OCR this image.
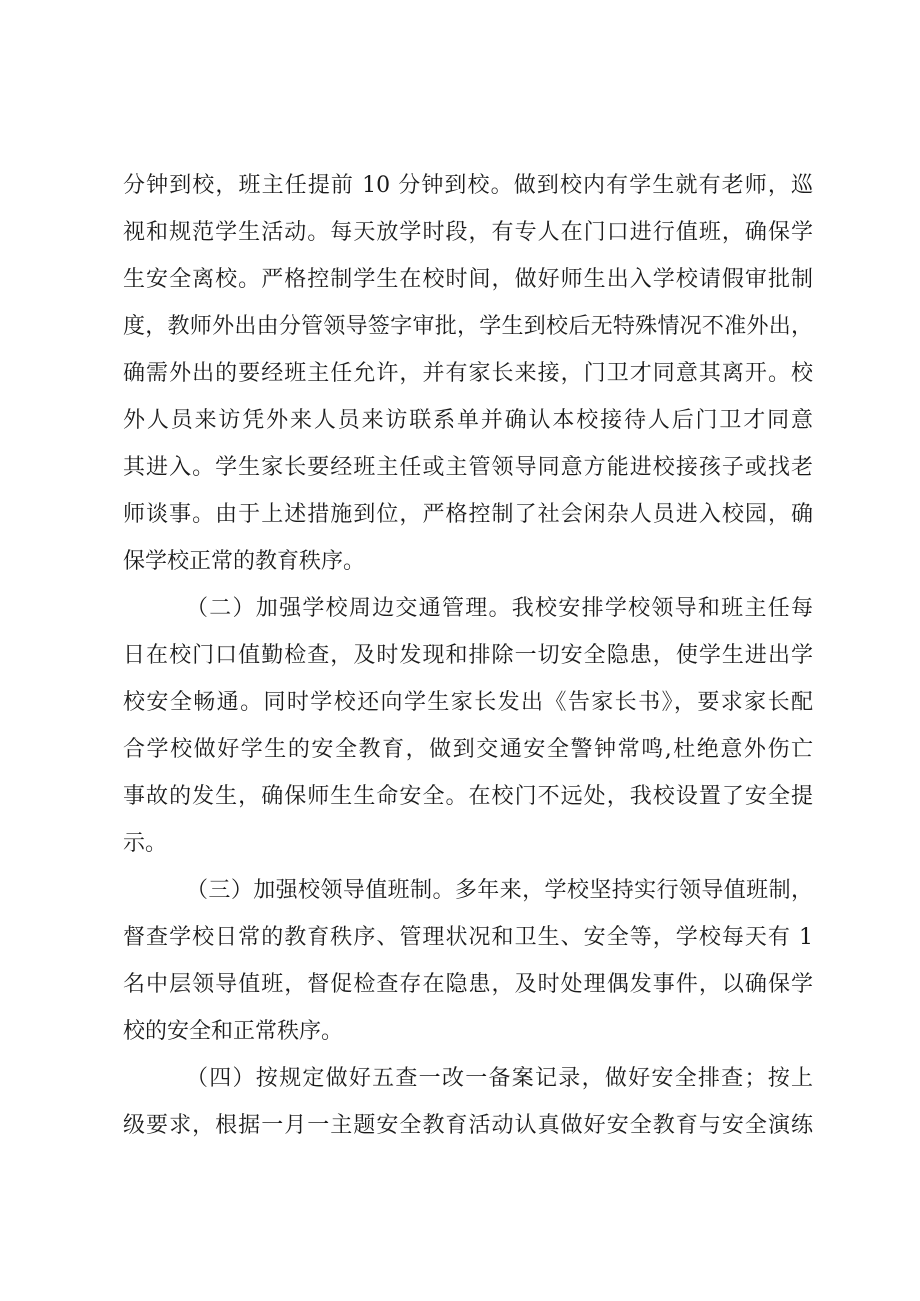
分钟到校，班主任提前 10 分钟到校。做到校内有学生就有老师，巡
视和规范学生活动。每天放学时段，有专人在门口进行值班，确保学
生安全离校。严格控制学生在校时间，做好师生出入学校请假审批制
度，教师外出由分管领导签字审批，学生到校后无特殊情况不准外出，
确需外出的要经班主任允许，并有家长来接，门卫才同意其离开。校
外人员来访凭外来人员来访联系单并确认本校接待人后门卫才同意
其进入。学生家长要经班主任或主管领导同意方能进校接孩子或找老
师谈事。由于上述措施到位，严格控制了社会闲杂人员进入校园，确
保学校正常的教育秩序。
（二）加强学校周边交通管理。我校安排学校领导和班主任每
日在校门口值勤检查，及时发现和排除一切安全隐患，使学生进出学
校安全畅通。同时学校还向学生家长发出《告家长书》，要求家长配
合学校做好学生的安全教育，做到交通安全警钟常鸣,杜绝意外伤亡
事故的发生，确保师生生命安全。在校门不远处，我校设置了安全提
示。
（三）加强校领导值班制。多年来，学校坚持实行领导值班制，
督查学校日常的教育秩序、管理状况和卫生、安全等，学校每天有 1
名中层领导值班，督促检查存在隐患，及时处理偶发事件，以确保学
校的安全和正常秩序。
（四）按规定做好五查一改一备案记录，做好安全排查；按上
级要求，根据一月一主题安全教育活动认真做好安全教育与安全演练
